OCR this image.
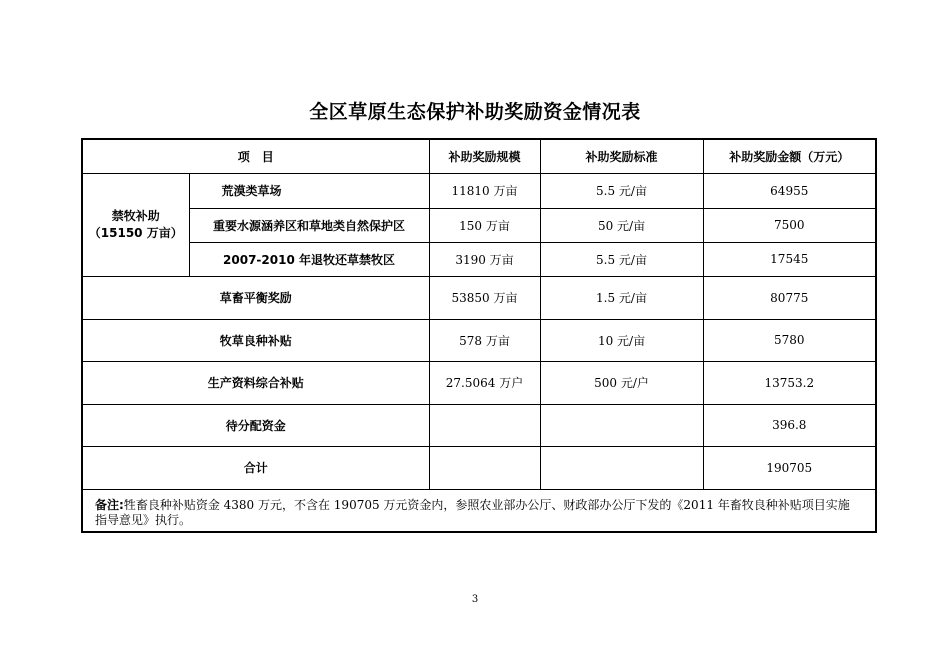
全区草原生态保护补助奖励资金情况表
项　目		补助奖励规模	补助奖励标准	补助奖励金额（万元）

禁牧补助
（15150 万亩）	荒漠类草场	11810 万亩	5.5 元/亩	64955
	重要水源涵养区和草地类自然保护区	150 万亩	50 元/亩	7500
	2007-2010 年退牧还草禁牧区	3190 万亩	5.5 元/亩	17545
草畜平衡奖励		53850 万亩	1.5 元/亩	80775
牧草良种补贴		578 万亩	10 元/亩	5780
生产资料综合补贴		27.5064 万户	500 元/户	13753.2
待分配资金				396.8
合计				190705
备注:牲畜良种补贴资金 4380 万元，不含在 190705 万元资金内，参照农业部办公厅、财政部办公厅下发的《2011 年畜牧良种补贴项目实施指导意见》执行。				
3
